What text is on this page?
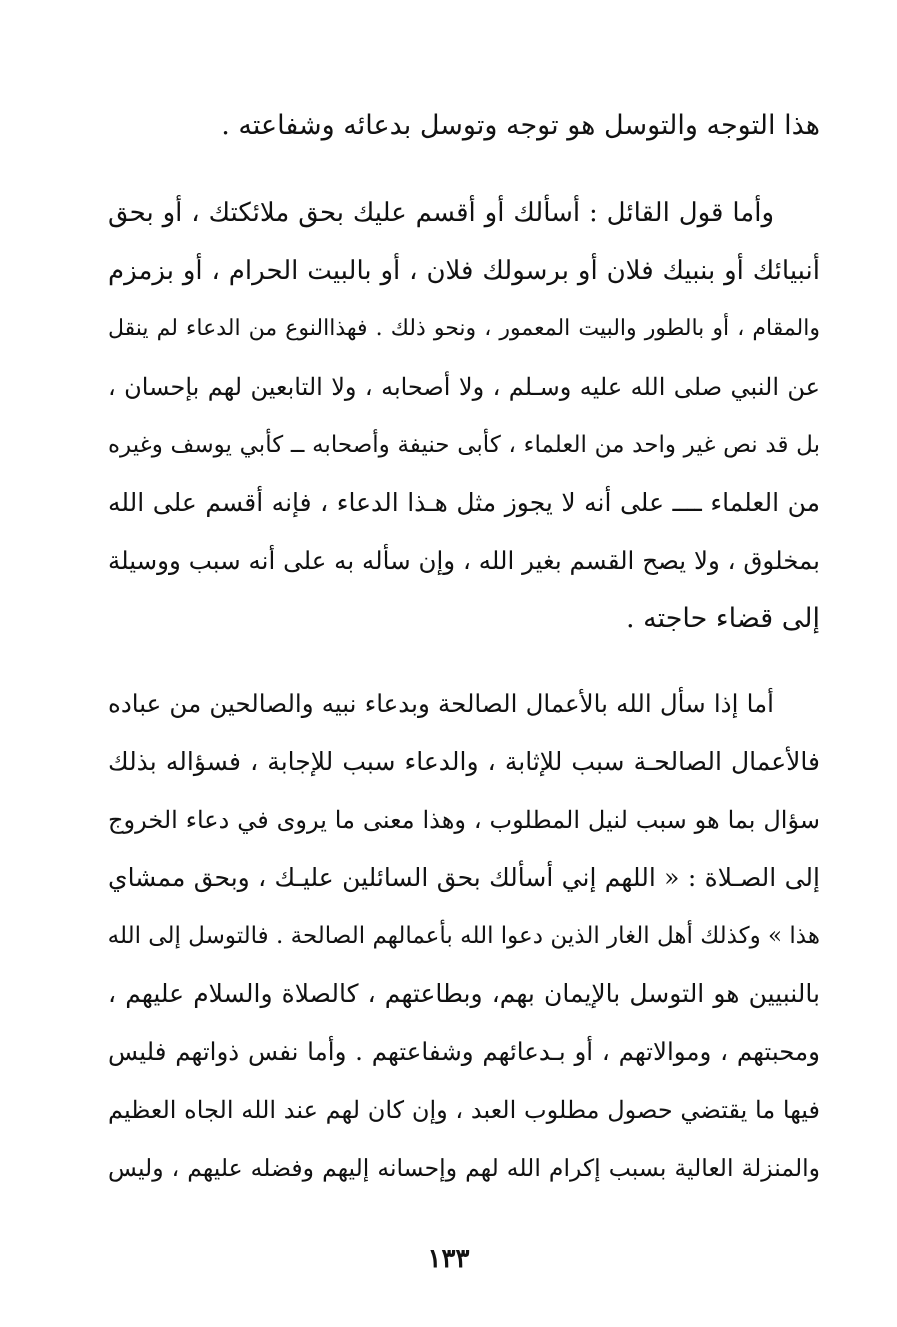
هذا التوجه والتوسل هو توجه وتوسل بدعائه وشفاعته .
وأما قول القائل : أسألك أو أقسم عليك بحق ملائكتك ، أو بحق
أنبيائك أو بنبيك فلان أو برسولك فلان ، أو بالبيت الحرام ، أو بزمزم
والمقام ، أو بالطور والبيت المعمور ، ونحو ذلك . فهذاالنوع من الدعاء لم ينقل
عن النبي صلى الله عليه وسـلم ، ولا أصحابه ، ولا التابعين لهم بإحسان ،
بل قد نص غير واحد من العلماء ، كأبى حنيفة وأصحابه ــ كأبي يوسف وغيره
من العلماء ــــ على أنه لا يجوز مثل هـذا الدعاء ، فإنه أقسم على الله
بمخلوق ، ولا يصح القسم بغير الله ، وإن سأله به على أنه سبب ووسيلة
إلى قضاء حاجته .
أما إذا سأل الله بالأعمال الصالحة وبدعاء نبيه والصالحين من عباده
فالأعمال الصالحـة سبب للإثابة ، والدعاء سبب للإجابة ، فسؤاله بذلك
سؤال بما هو سبب لنيل المطلوب ، وهذا معنى ما يروى في دعاء الخروج
إلى الصـلاة : « اللهم إني أسألك بحق السائلين عليـك ، وبحق ممشاي
هذا » وكذلك أهل الغار الذين دعوا الله بأعمالهم الصالحة . فالتوسل إلى الله
بالنبيين هو التوسل بالإيمان بهم، وبطاعتهم ، كالصلاة والسلام عليهم ،
ومحبتهم ، وموالاتهم ، أو بـدعائهم وشفاعتهم . وأما نفس ذواتهم فليس
فيها ما يقتضي حصول مطلوب العبد ، وإن كان لهم عند الله الجاه العظيم
والمنزلة العالية بسبب إكرام الله لهم وإحسانه إليهم وفضله عليهم ، وليس
١٣٣
